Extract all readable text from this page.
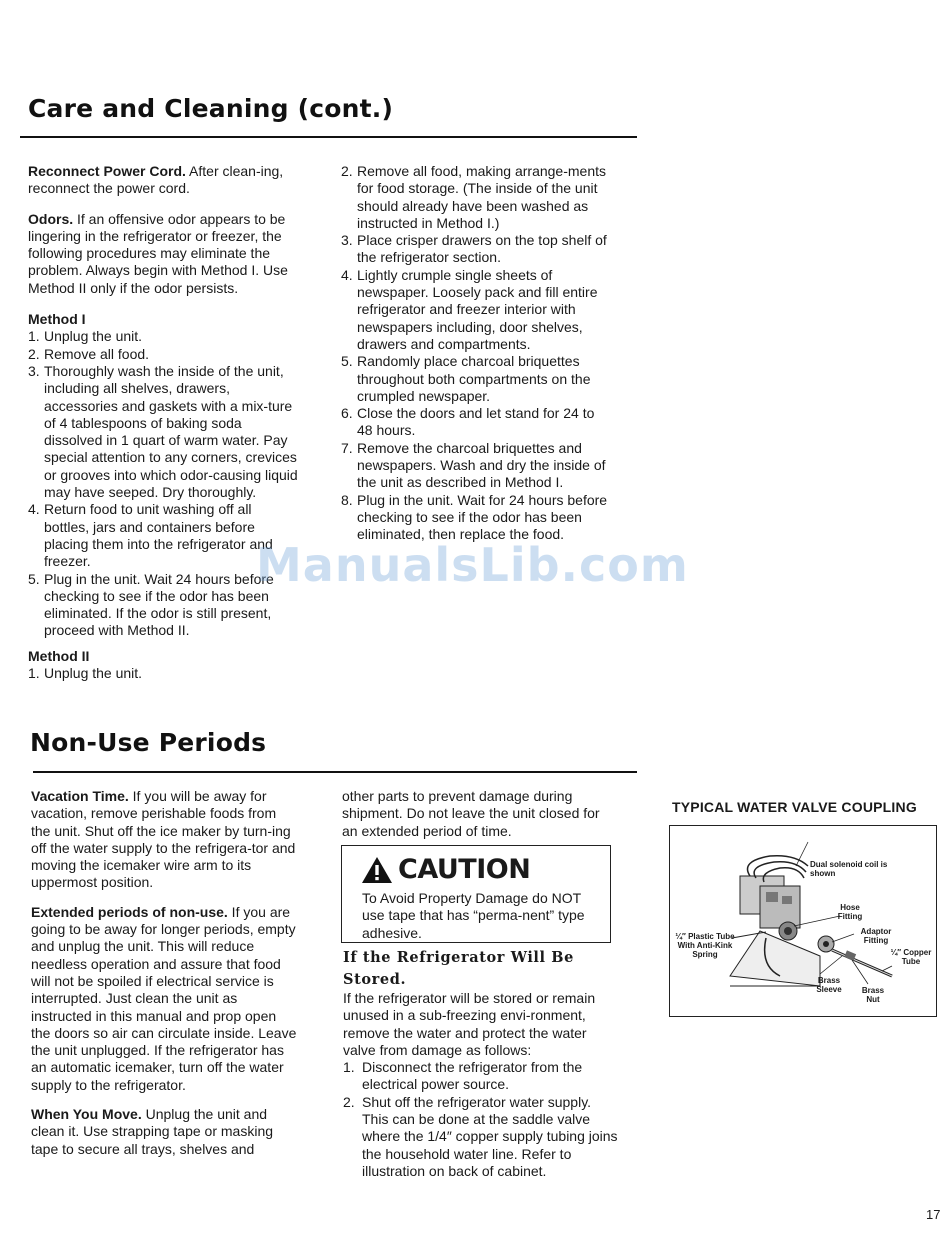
Care and Cleaning (cont.)

Reconnect Power Cord. After clean-ing, reconnect the power cord.

Odors. If an offensive odor appears to be lingering in the refrigerator or freezer, the following procedures may eliminate the problem. Always begin with Method I. Use Method II only if the odor persists.

Method I

1. Unplug the unit.
2. Remove all food.
3. Thoroughly wash the inside of the unit, including all shelves, drawers, accessories and gaskets with a mix-ture of 4 tablespoons of baking soda dissolved in 1 quart of warm water. Pay special attention to any corners, crevices or grooves into which odor-causing liquid may have seeped. Dry thoroughly.
4. Return food to unit washing off all bottles, jars and containers before placing them into the refrigerator and freezer.
5. Plug in the unit. Wait 24 hours before checking to see if the odor has been eliminated. If the odor is still present, proceed with Method II.

Method II

1. Unplug the unit.
2. Remove all food, making arrange-ments for food storage. (The inside of the unit should already have been washed as instructed in Method I.)
3. Place crisper drawers on the top shelf of the refrigerator section.
4. Lightly crumple single sheets of newspaper. Loosely pack and fill entire refrigerator and freezer interior with newspapers including, door shelves, drawers and compartments.
5. Randomly place charcoal briquettes throughout both compartments on the crumpled newspaper.
6. Close the doors and let stand for 24 to 48 hours.
7. Remove the charcoal briquettes and newspapers. Wash and dry the inside of the unit as described in Method I.
8. Plug in the unit. Wait for 24 hours before checking to see if the odor has been eliminated, then replace the food.
ManualsLib.com
Non-Use Periods

Vacation Time. If you will be away for vacation, remove perishable foods from the unit. Shut off the ice maker by turn-ing off the water supply to the refrigera-tor and moving the icemaker wire arm to its uppermost position.

Extended periods of non-use. If you are going to be away for longer periods, empty and unplug the unit. This will reduce needless operation and assure that food will not be spoiled if electrical service is interrupted. Just clean the unit as instructed in this manual and prop open the doors so air can circulate inside. Leave the unit unplugged. If the refrigerator has an automatic icemaker, turn off the water supply to the refrigerator.

When You Move. Unplug the unit and clean it. Use strapping tape or masking tape to secure all trays, shelves and

other parts to prevent damage during shipment. Do not leave the unit closed for an extended period of time.
CAUTION
To Avoid Property Damage do NOT use tape that has “perma-nent” type adhesive.
If the Refrigerator Will Be Stored.

If the refrigerator will be stored or remain unused in a sub-freezing envi-ronment, remove the water and protect the water valve from damage as follows:

1. Disconnect the refrigerator from the electrical power source.
2. Shut off the refrigerator water supply. This can be done at the saddle valve where the 1/4″ copper supply tubing joins the household water line. Refer to illustration on back of cabinet.
TYPICAL WATER VALVE COUPLING
Dual solenoid coil is shown
Hose Fitting
Adaptor Fitting
¼″ Plastic Tube With Anti-Kink Spring	¼″ Copper Tube
Brass Sleeve	Brass Nut
17
